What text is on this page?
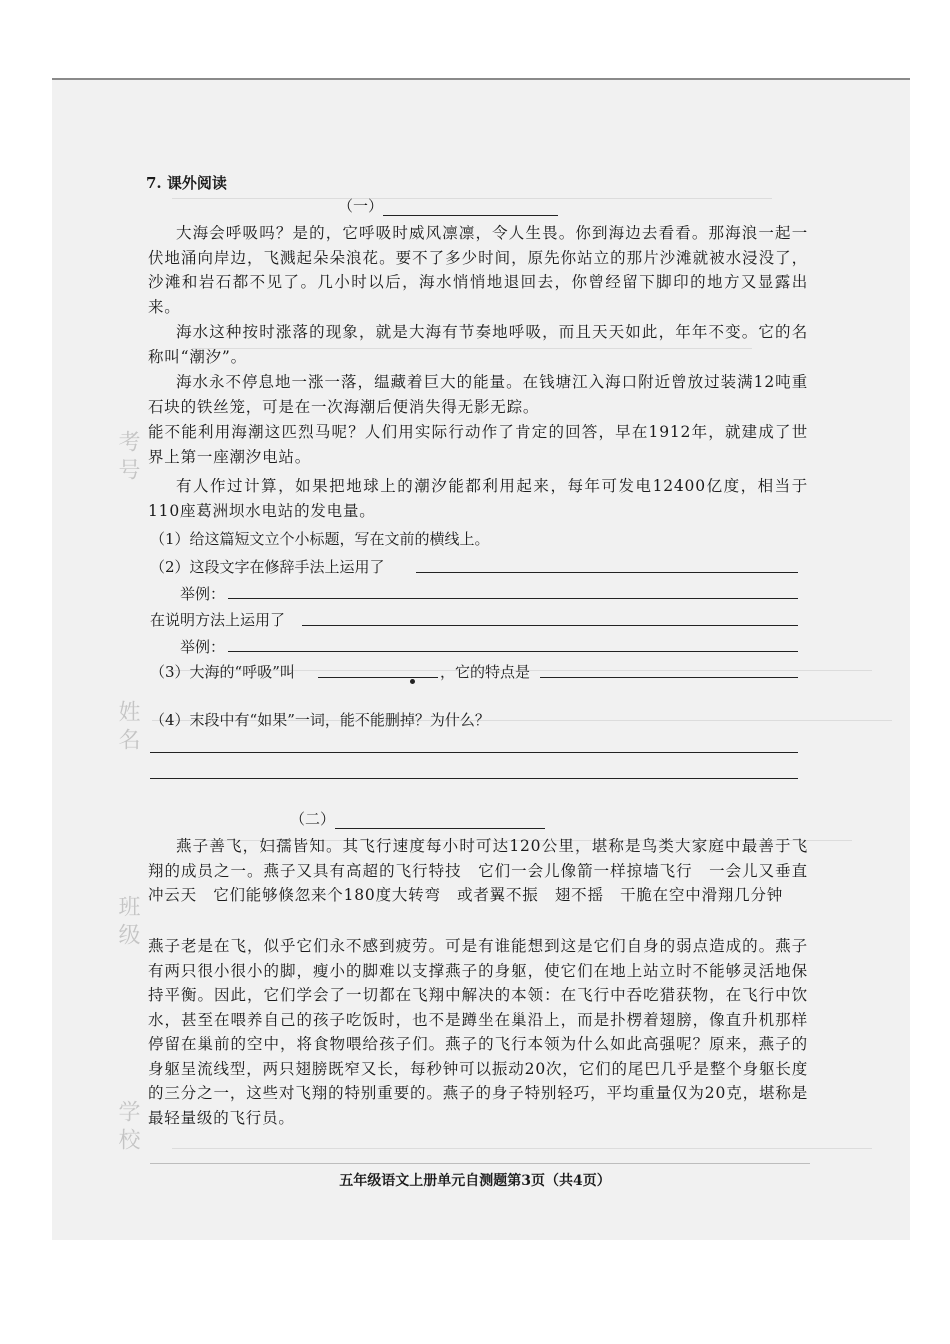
考号
姓名
班级
学校
7. 课外阅读
（一）

大海会呼吸吗？是的，它呼吸时威风凛凛，令人生畏。你到海边去看看。那海浪一起一伏地涌向岸边，飞溅起朵朵浪花。要不了多少时间，原先你站立的那片沙滩就被水浸没了，沙滩和岩石都不见了。几小时以后，海水悄悄地退回去，你曾经留下脚印的地方又显露出来。

海水这种按时涨落的现象，就是大海有节奏地呼吸，而且天天如此，年年不变。它的名称叫“潮汐”。

海水永不停息地一涨一落，缊藏着巨大的能量。在钱塘江入海口附近曾放过装满12吨重石块的铁丝笼，可是在一次海潮后便消失得无影无踪。

能不能利用海潮这匹烈马呢？人们用实际行动作了肯定的回答，早在1912年，就建成了世界上第一座潮汐电站。

有人作过计算，如果把地球上的潮汐能都利用起来，每年可发电12400亿度，相当于110座葛洲坝水电站的发电量。

（1）给这篇短文立个小标题，写在文前的横线上。
（2）这段文字在修辞手法上运用了
举例：
在说明方法上运用了
举例：
（3）大海的“呼吸”叫	，它的特点是
（4）末段中有“如果”一词，能不能删掉？为什么？
（二）

燕子善飞，妇孺皆知。其飞行速度每小时可达120公里，堪称是鸟类大家庭中最善于飞翔的成员之一。燕子又具有高超的飞行特技　它们一会儿像箭一样掠墙飞行　一会儿又垂直冲云天　它们能够倏忽来个180度大转弯　或者翼不振　翅不摇　干脆在空中滑翔几分钟

燕子老是在飞，似乎它们永不感到疲劳。可是有谁能想到这是它们自身的弱点造成的。燕子有两只很小很小的脚，瘦小的脚难以支撑燕子的身躯，使它们在地上站立时不能够灵活地保持平衡。因此，它们学会了一切都在飞翔中解决的本领：在飞行中吞吃猎获物，在飞行中饮水，甚至在喂养自己的孩子吃饭时，也不是蹲坐在巢沿上，而是扑楞着翅膀，像直升机那样停留在巢前的空中，将食物喂给孩子们。燕子的飞行本领为什么如此高强呢？原来，燕子的身躯呈流线型，两只翅膀既窄又长，每秒钟可以振动20次，它们的尾巴几乎是整个身躯长度的三分之一，这些对飞翔的特别重要的。燕子的身子特别轻巧，平均重量仅为20克，堪称是最轻量级的飞行员。

五年级语文上册单元自测题第3页（共4页）
